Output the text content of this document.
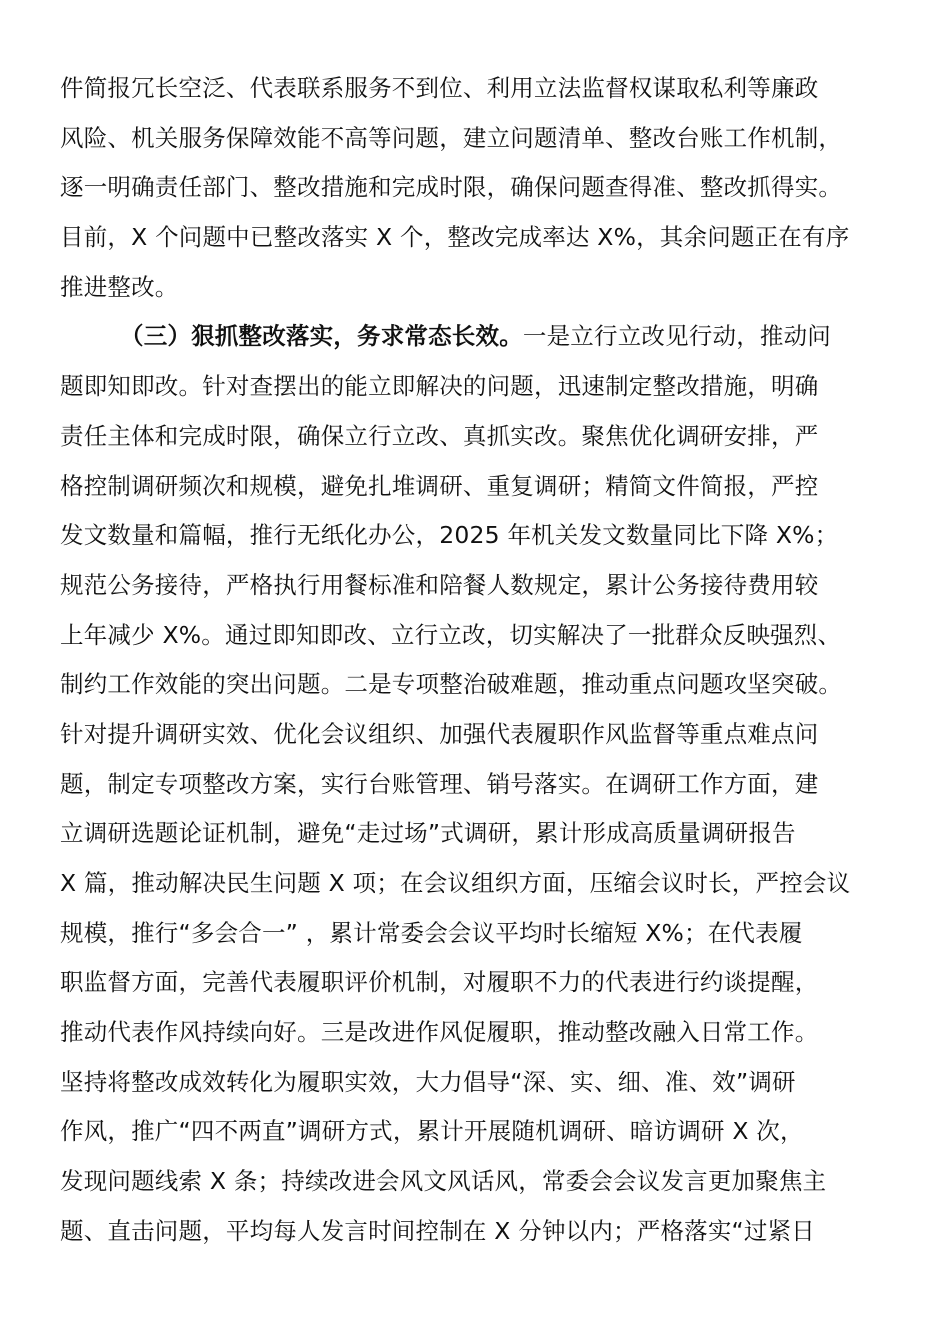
件简报冗长空泛、代表联系服务不到位、利用立法监督权谋取私利等廉政
风险、机关服务保障效能不高等问题，建立问题清单、整改台账工作机制，
逐一明确责任部门、整改措施和完成时限，确保问题查得准、整改抓得实。
目前，X 个问题中已整改落实 X 个，整改完成率达 X%，其余问题正在有序
推进整改。
（三）狠抓整改落实，务求常态长效。一是立行立改见行动，推动问
题即知即改。针对查摆出的能立即解决的问题，迅速制定整改措施，明确
责任主体和完成时限，确保立行立改、真抓实改。聚焦优化调研安排，严
格控制调研频次和规模，避免扎堆调研、重复调研；精简文件简报，严控
发文数量和篇幅，推行无纸化办公，2025 年机关发文数量同比下降 X%；
规范公务接待，严格执行用餐标准和陪餐人数规定，累计公务接待费用较
上年减少 X%。通过即知即改、立行立改，切实解决了一批群众反映强烈、
制约工作效能的突出问题。二是专项整治破难题，推动重点问题攻坚突破。
针对提升调研实效、优化会议组织、加强代表履职作风监督等重点难点问
题，制定专项整改方案，实行台账管理、销号落实。在调研工作方面，建
立调研选题论证机制，避免“走过场”式调研，累计形成高质量调研报告
X 篇，推动解决民生问题 X 项；在会议组织方面，压缩会议时长，严控会议
规模，推行“多会合一” ，累计常委会会议平均时长缩短 X%；在代表履
职监督方面，完善代表履职评价机制，对履职不力的代表进行约谈提醒，
推动代表作风持续向好。三是改进作风促履职，推动整改融入日常工作。
坚持将整改成效转化为履职实效，大力倡导“深、实、细、准、效”调研
作风，推广“四不两直”调研方式，累计开展随机调研、暗访调研 X 次，
发现问题线索 X 条；持续改进会风文风话风，常委会会议发言更加聚焦主
题、直击问题，平均每人发言时间控制在 X 分钟以内；严格落实“过紧日
